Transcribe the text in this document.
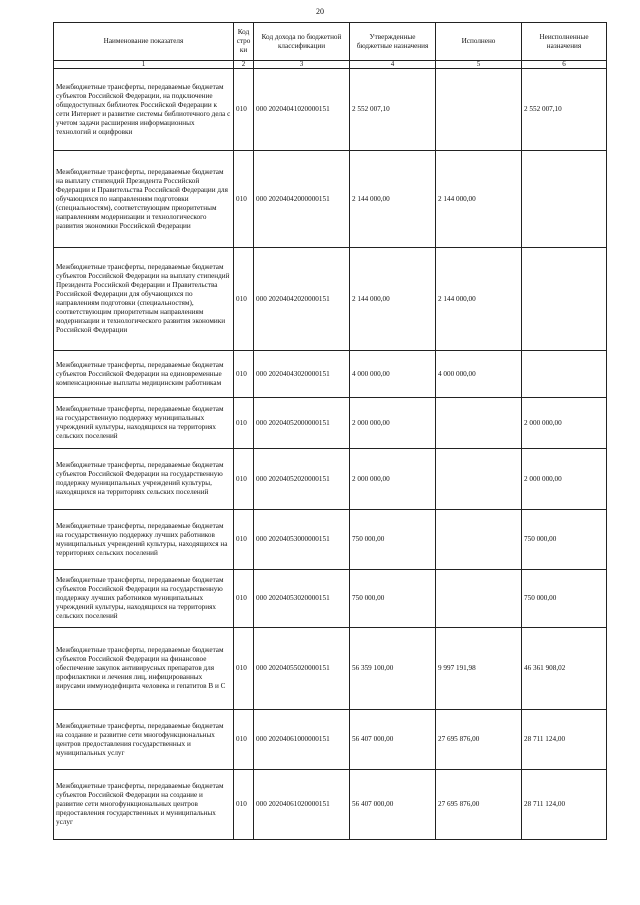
20
Наименование показателя	Код стро ки	Код дохода по бюджетной классификации	Утвержденные бюджетные назначения	Исполнено	Неисполненные назначения
1	2	3	4	5	6
Межбюджетные трансферты, передаваемые бюджетам субъектов Российской Федерации, на подключение общедоступных библиотек Российской Федерации к сети Интернет и развитие системы библиотечного дела с учетом задачи расширения информационных технологий и оцифровки	010	000 20204041020000151	2 552 007,10		2 552 007,10
Межбюджетные трансферты, передаваемые бюджетам на выплату стипендий Президента Российской Федерации и Правительства Российской Федерации для обучающихся по направлениям подготовки (специальностям), соответствующим приоритетным направлениям модернизации и технологического развития экономики Российской Федерации	010	000 20204042000000151	2 144 000,00	2 144 000,00	
Межбюджетные трансферты, передаваемые бюджетам субъектов Российской Федерации на выплату стипендий Президента Российской Федерации и Правительства Российской Федерации для обучающихся по направлениям подготовки (специальностям), соответствующим приоритетным направлениям модернизации и технологического развития экономики Российской Федерации	010	000 20204042020000151	2 144 000,00	2 144 000,00	
Межбюджетные трансферты, передаваемые бюджетам субъектов Российской Федерации на единовременные компенсационные выплаты медицинским работникам	010	000 20204043020000151	4 000 000,00	4 000 000,00	
Межбюджетные трансферты, передаваемые бюджетам на государственную поддержку муниципальных учреждений культуры, находящихся на территориях сельских поселений	010	000 20204052000000151	2 000 000,00		2 000 000,00
Межбюджетные трансферты, передаваемые бюджетам субъектов Российской Федерации на государственную поддержку муниципальных учреждений культуры, находящихся на территориях сельских поселений	010	000 20204052020000151	2 000 000,00		2 000 000,00
Межбюджетные трансферты, передаваемые бюджетам на государственную поддержку лучших работников муниципальных учреждений культуры, находящихся на территориях сельских поселений	010	000 20204053000000151	750 000,00		750 000,00
Межбюджетные трансферты, передаваемые бюджетам субъектов Российской Федерации на государственную поддержку лучших работников муниципальных учреждений культуры, находящихся на территориях сельских поселений	010	000 20204053020000151	750 000,00		750 000,00
Межбюджетные трансферты, передаваемые бюджетам субъектов Российской Федерации на финансовое обеспечение закупок антивирусных препаратов для профилактики и лечения лиц, инфицированных вирусами иммунодефицита человека и гепатитов В и С	010	000 20204055020000151	56 359 100,00	9 997 191,98	46 361 908,02
Межбюджетные трансферты, передаваемые бюджетам на создание и развитие сети многофункциональных центров предоставления государственных и муниципальных услуг	010	000 20204061000000151	56 407 000,00	27 695 876,00	28 711 124,00
Межбюджетные трансферты, передаваемые бюджетам субъектов Российской Федерации на создание и развитие сети многофункциональных центров предоставления государственных и муниципальных услуг	010	000 20204061020000151	56 407 000,00	27 695 876,00	28 711 124,00
